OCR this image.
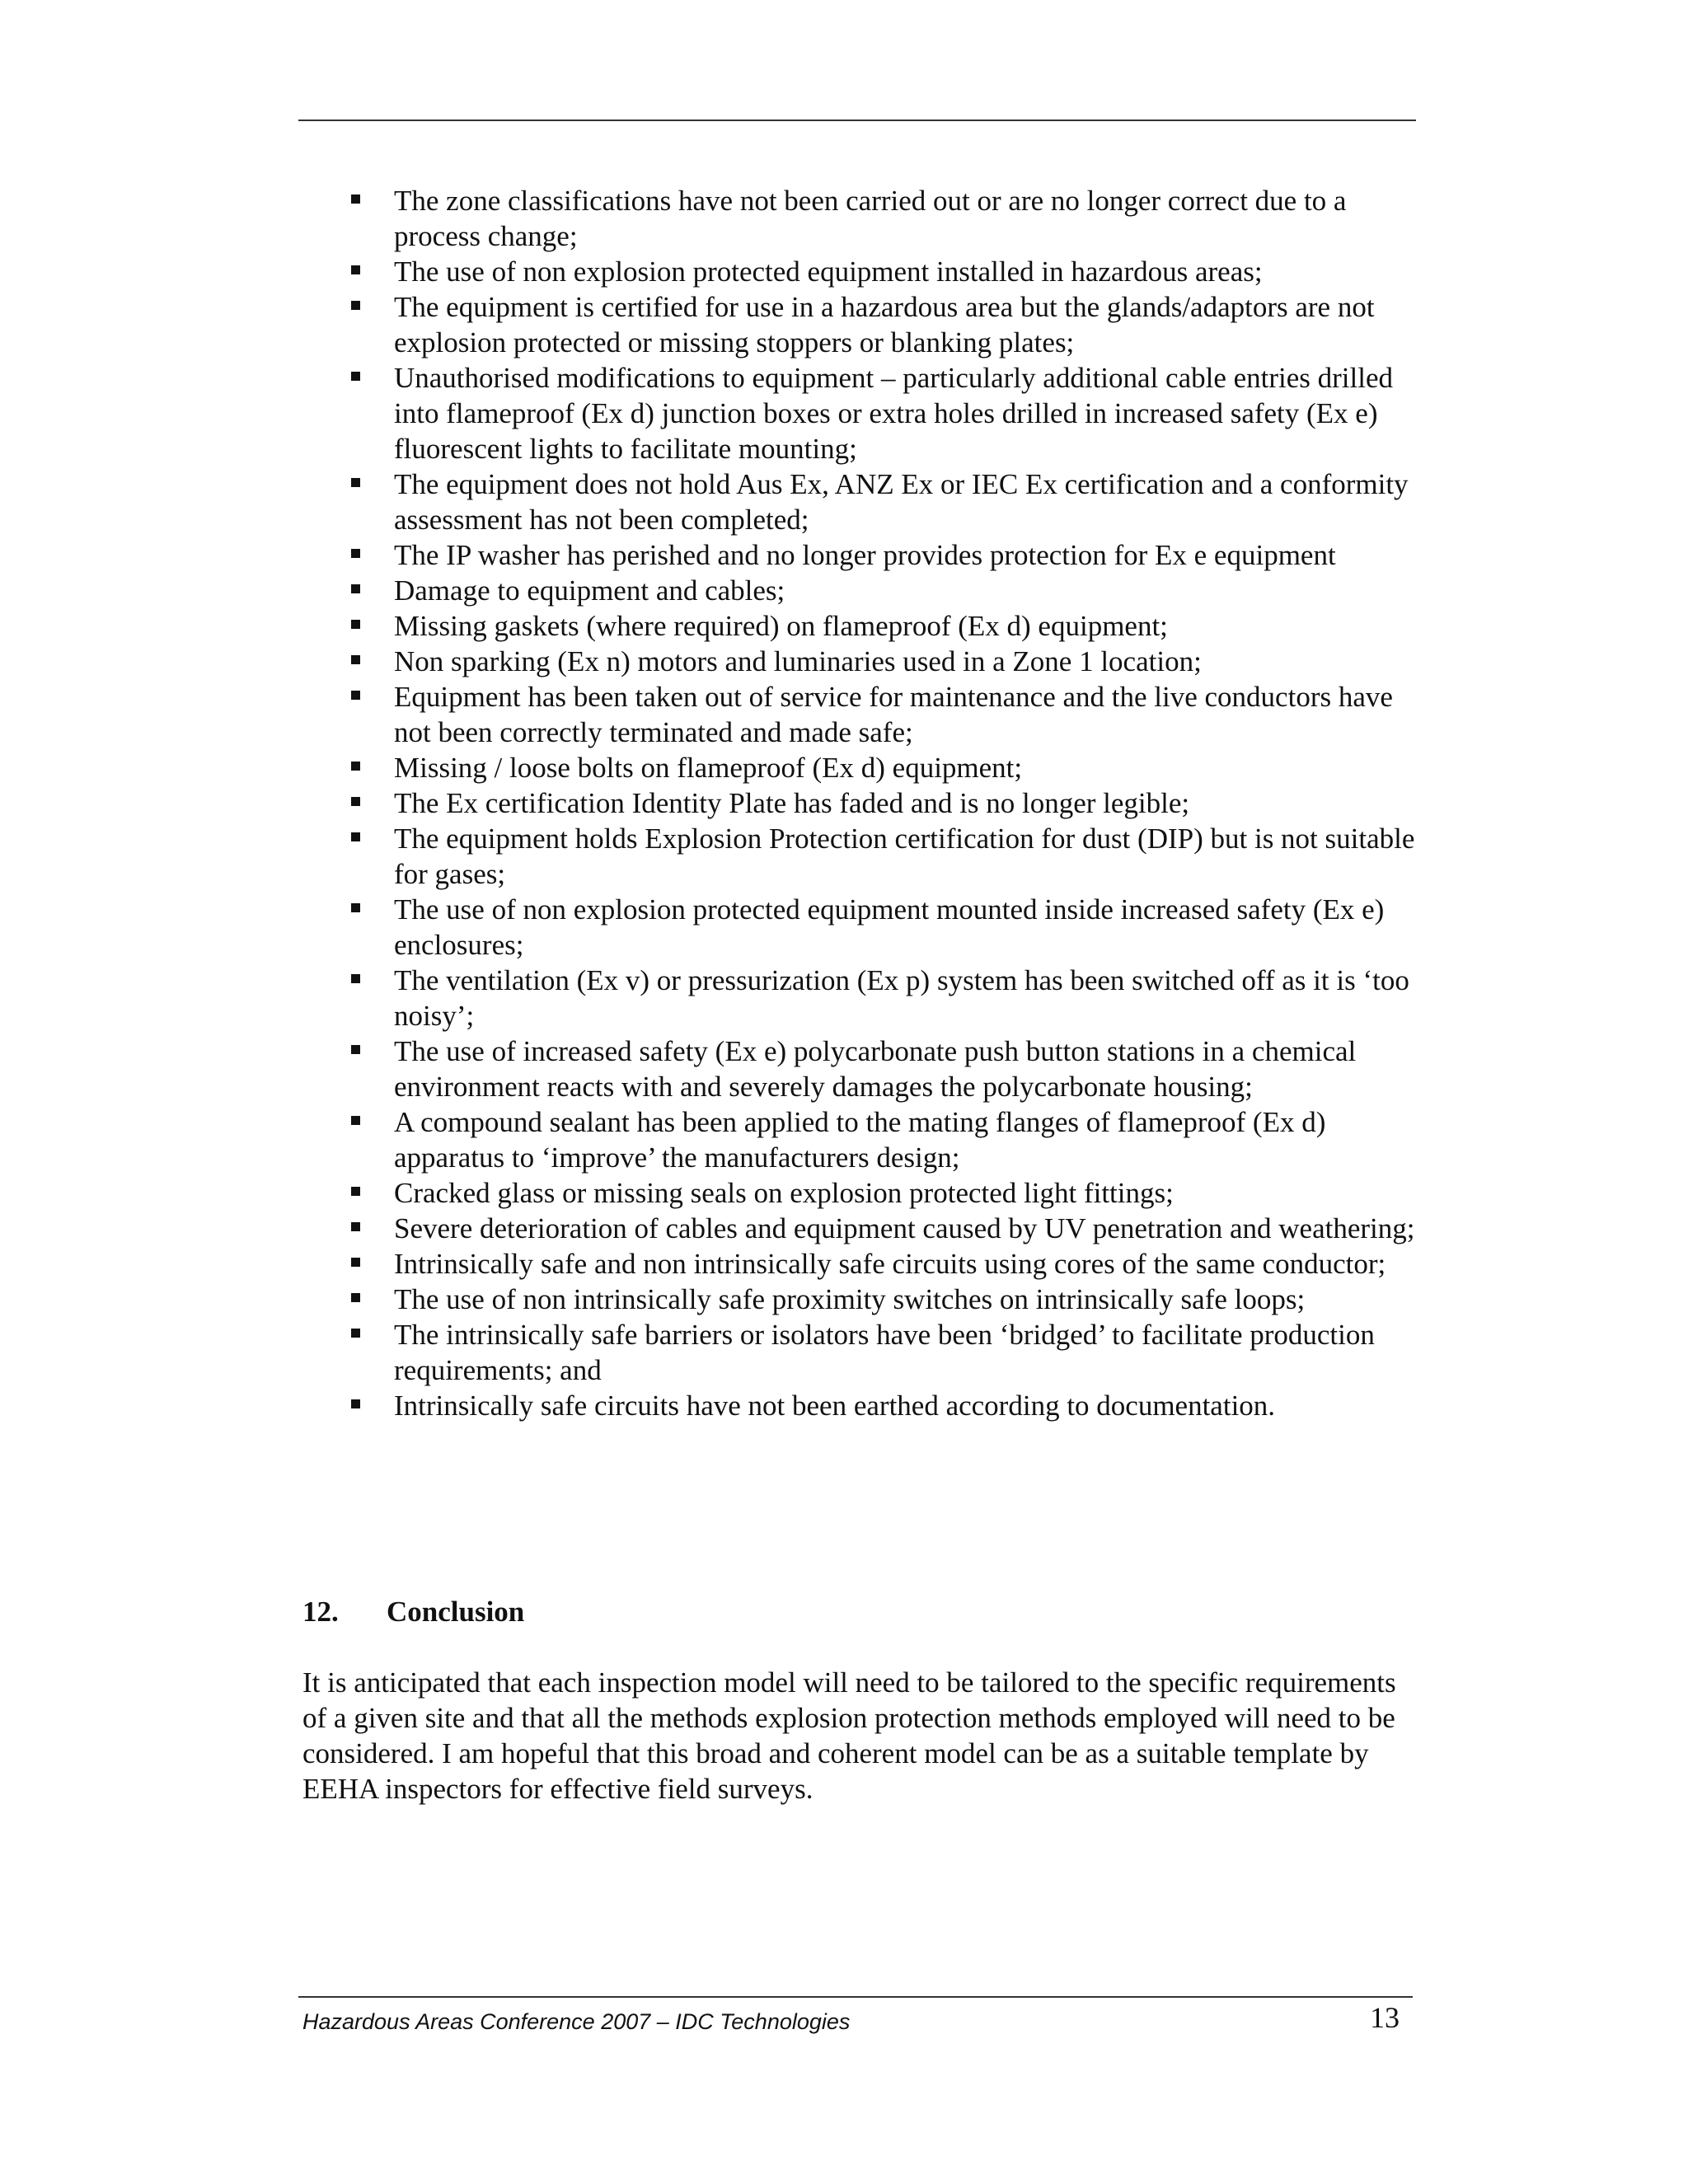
The zone classifications have not been carried out or are no longer correct due to a process change;
The use of non explosion protected equipment installed in hazardous areas;
The equipment is certified for use in a hazardous area but the glands/adaptors are not explosion protected or missing stoppers or blanking plates;
Unauthorised modifications to equipment – particularly additional cable entries drilled into flameproof (Ex d) junction boxes or extra holes drilled in increased safety (Ex e) fluorescent lights to facilitate mounting;
The equipment does not hold Aus Ex, ANZ Ex or IEC Ex certification and a conformity assessment has not been completed;
The IP washer has perished and no longer provides protection for Ex e equipment
Damage to equipment and cables;
Missing gaskets (where required) on flameproof (Ex d) equipment;
Non sparking (Ex n) motors and luminaries used in a Zone 1 location;
Equipment has been taken out of service for maintenance and the live conductors have not been correctly terminated and made safe;
Missing / loose bolts on flameproof (Ex d) equipment;
The Ex certification Identity Plate has faded and is no longer legible;
The equipment holds Explosion Protection certification for dust (DIP) but is not suitable for gases;
The use of non explosion protected equipment mounted inside increased safety (Ex e) enclosures;
The ventilation (Ex v) or pressurization (Ex p) system has been switched off as it is ‘too noisy’;
The use of increased safety (Ex e) polycarbonate push button stations in a chemical environment reacts with and severely damages the polycarbonate housing;
A compound sealant has been applied to the mating flanges of flameproof (Ex d) apparatus to ‘improve’ the manufacturers design;
Cracked glass or missing seals on explosion protected light fittings;
Severe deterioration of cables and equipment caused by UV penetration and weathering;
Intrinsically safe and non intrinsically safe circuits using cores of the same conductor;
The use of non intrinsically safe proximity switches on intrinsically safe loops;
The intrinsically safe barriers or isolators have been ‘bridged’ to facilitate production requirements; and
Intrinsically safe circuits have not been earthed according to documentation.
12. Conclusion

It is anticipated that each inspection model will need to be tailored to the specific requirements of a given site and that all the methods explosion protection methods employed will need to be considered. I am hopeful that this broad and coherent model can be as a suitable template by EEHA inspectors for effective field surveys.

Hazardous Areas Conference 2007 – IDC Technologies	13
